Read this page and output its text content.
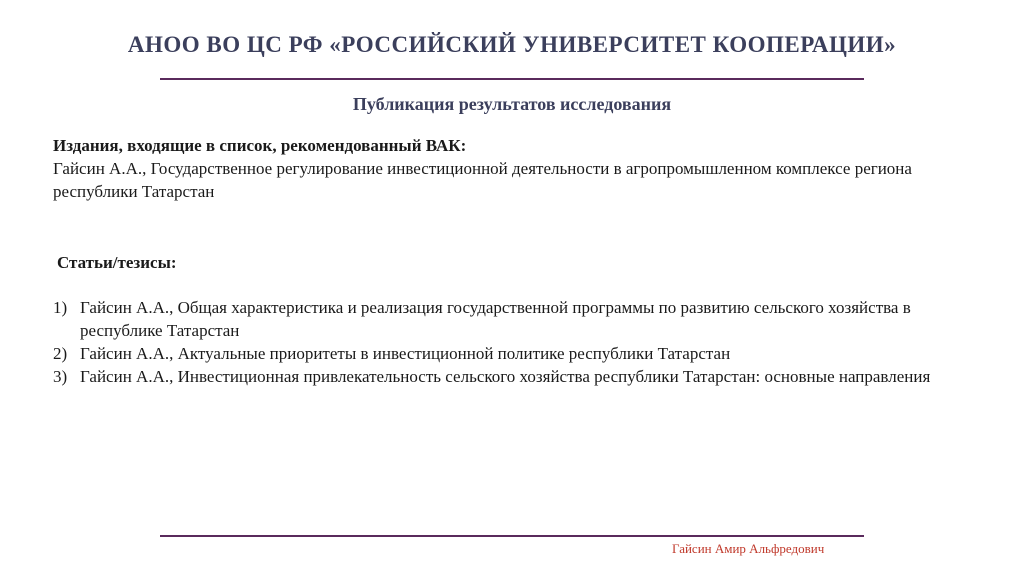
АНОО ВО ЦС РФ «РОССИЙСКИЙ УНИВЕРСИТЕТ КООПЕРАЦИИ»
Публикация результатов исследования
Издания, входящие в список, рекомендованный ВАК:
Гайсин А.А., Государственное регулирование инвестиционной деятельности в агропромышленном комплексе региона республики Татарстан
Статьи/тезисы:
1) Гайсин А.А., Общая характеристика и реализация государственной программы по развитию сельского хозяйства в республике Татарстан
2) Гайсин А.А., Актуальные приоритеты в инвестиционной политике республики Татарстан
3) Гайсин А.А., Инвестиционная привлекательность сельского хозяйства республики Татарстан: основные направления
Гайсин Амир Альфредович
